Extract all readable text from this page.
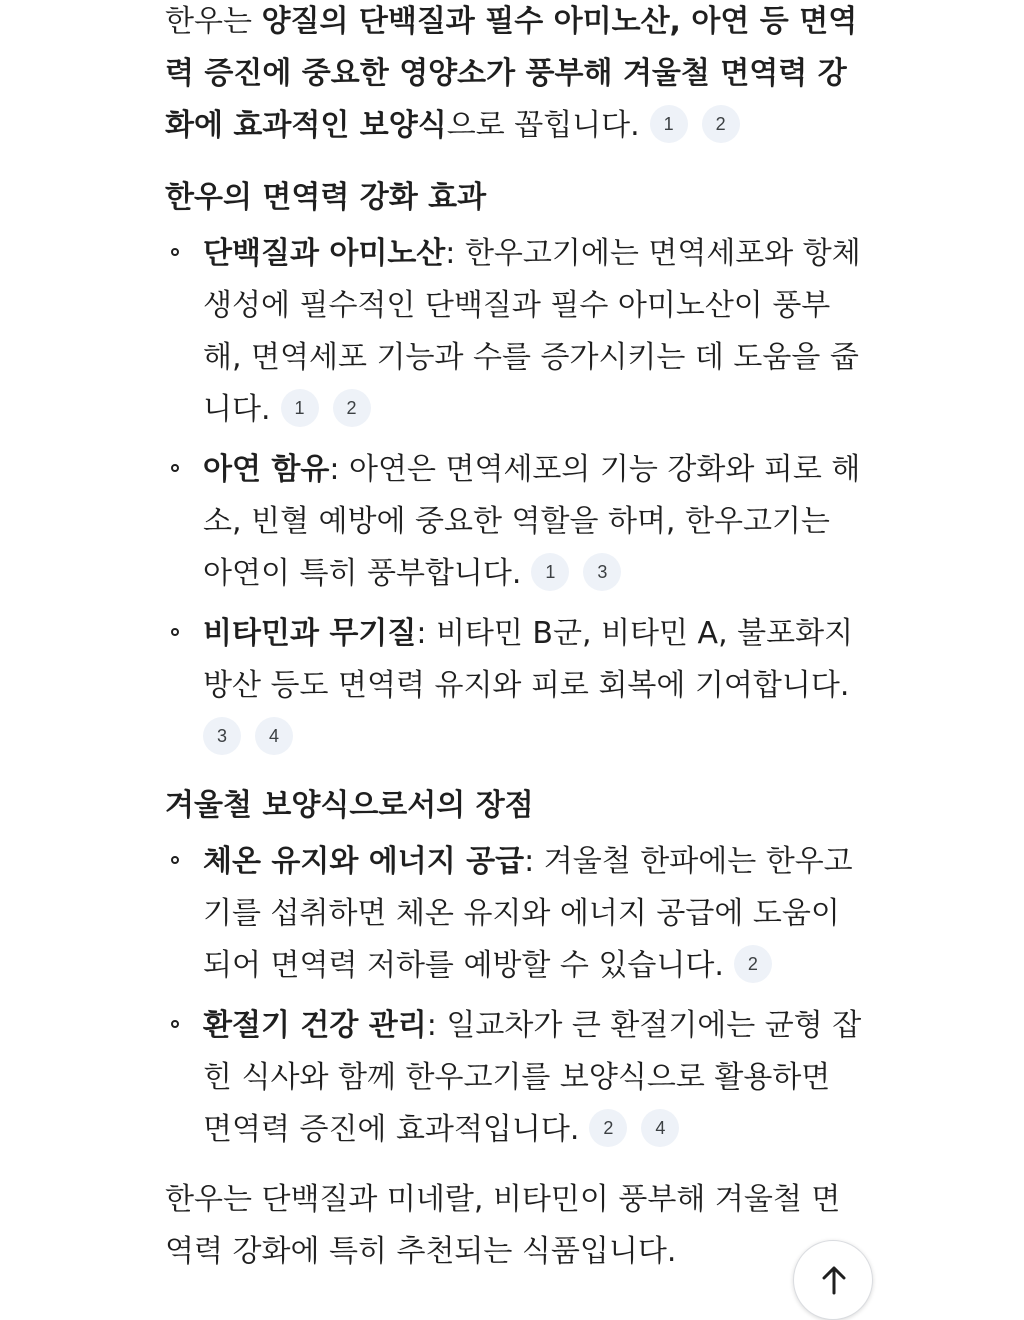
한우는 양질의 단백질과 필수 아미노산, 아연 등 면역력 증진에 중요한 영양소가 풍부해 겨울철 면역력 강화에 효과적인 보양식으로 꼽힙니다. 1 2

한우의 면역력 강화 효과
단백질과 아미노산: 한우고기에는 면역세포와 항체 생성에 필수적인 단백질과 필수 아미노산이 풍부해, 면역세포 기능과 수를 증가시키는 데 도움을 줍니다. 1 2
아연 함유: 아연은 면역세포의 기능 강화와 피로 해소, 빈혈 예방에 중요한 역할을 하며, 한우고기는 아연이 특히 풍부합니다. 1 3
비타민과 무기질: 비타민 B군, 비타민 A, 불포화지방산 등도 면역력 유지와 피로 회복에 기여합니다.
3 4
겨울철 보양식으로서의 장점
체온 유지와 에너지 공급: 겨울철 한파에는 한우고기를 섭취하면 체온 유지와 에너지 공급에 도움이 되어 면역력 저하를 예방할 수 있습니다. 2
환절기 건강 관리: 일교차가 큰 환절기에는 균형 잡힌 식사와 함께 한우고기를 보양식으로 활용하면 면역력 증진에 효과적입니다. 2 4

한우는 단백질과 미네랄, 비타민이 풍부해 겨울철 면역력 강화에 특히 추천되는 식품입니다.
